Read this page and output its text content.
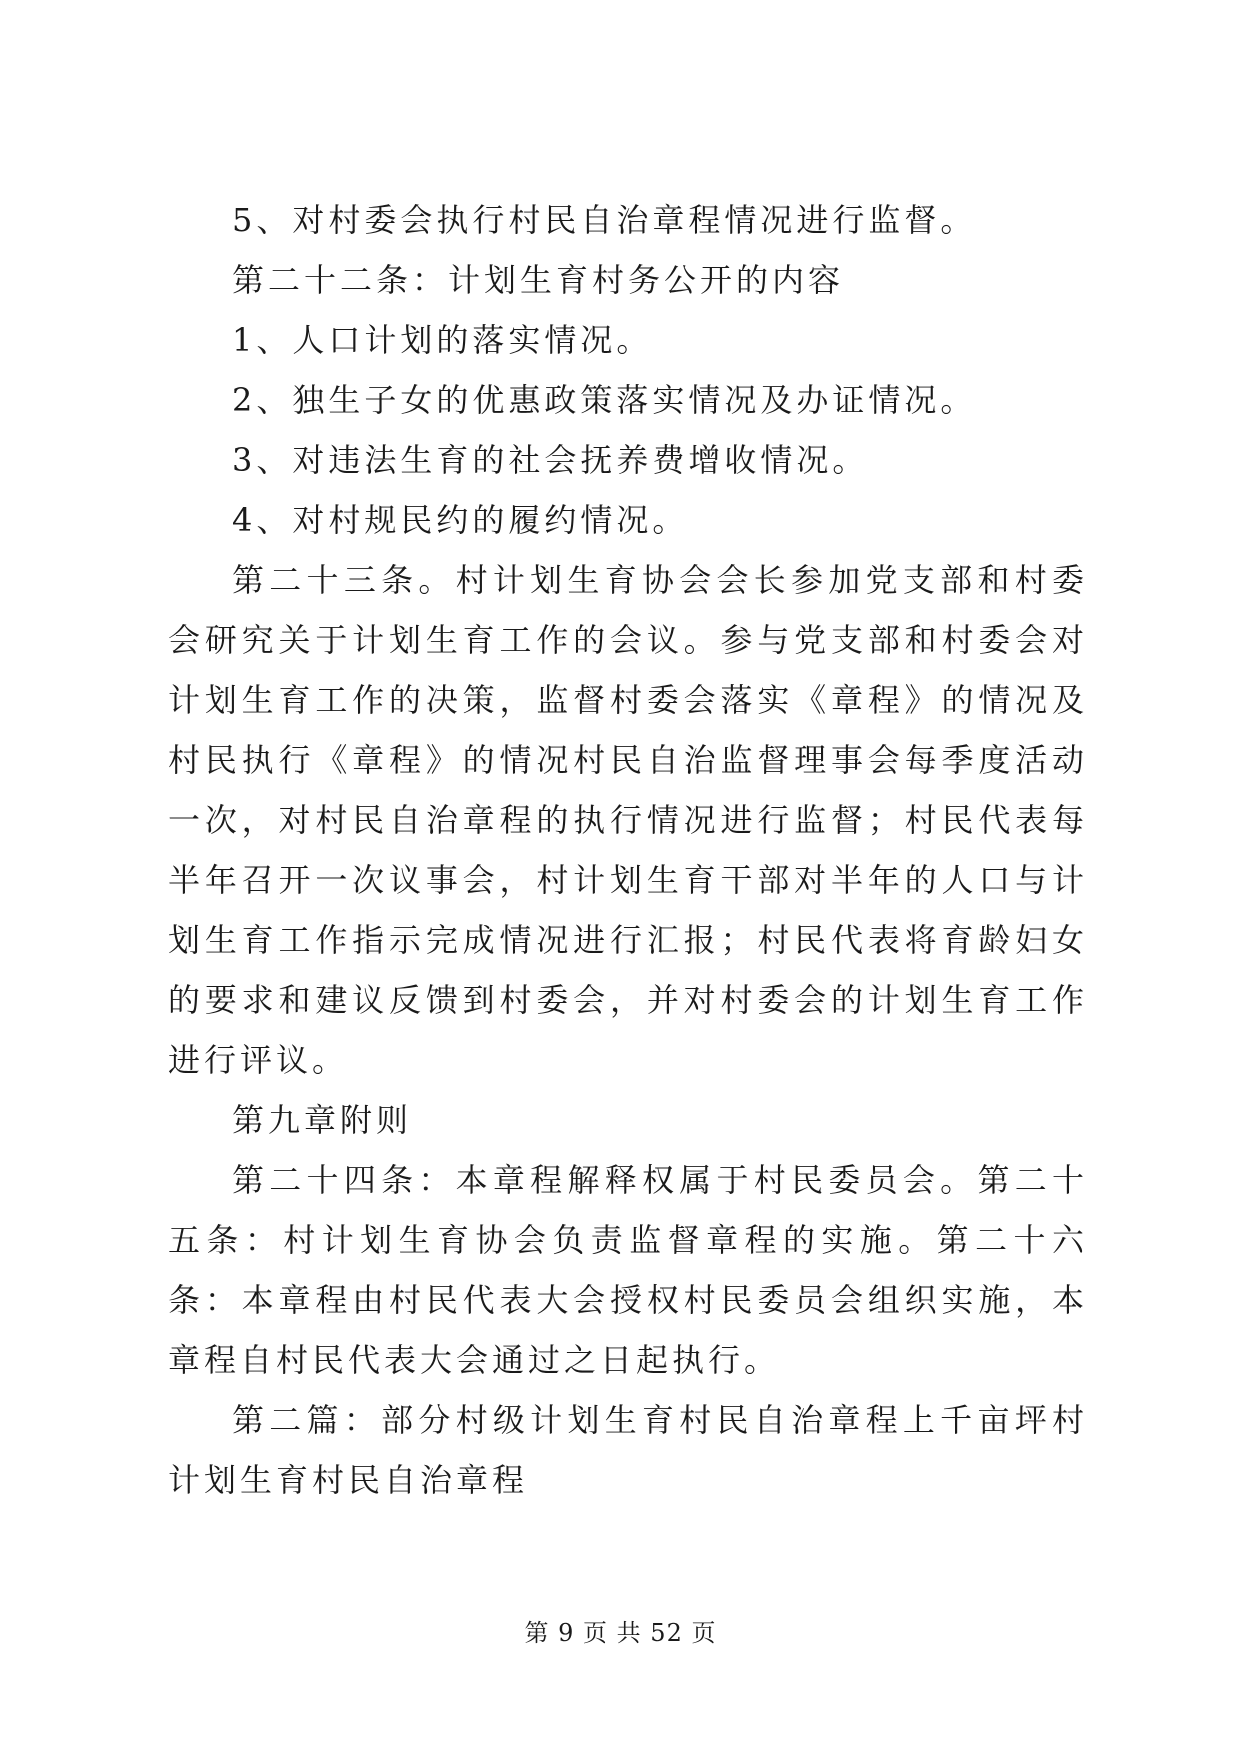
5、对村委会执行村民自治章程情况进行监督。

第二十二条：计划生育村务公开的内容

1、人口计划的落实情况。

2、独生子女的优惠政策落实情况及办证情况。

3、对违法生育的社会抚养费增收情况。

4、对村规民约的履约情况。

第二十三条。村计划生育协会会长参加党支部和村委会研究关于计划生育工作的会议。参与党支部和村委会对计划生育工作的决策，监督村委会落实《章程》的情况及村民执行《章程》的情况村民自治监督理事会每季度活动一次，对村民自治章程的执行情况进行监督；村民代表每半年召开一次议事会，村计划生育干部对半年的人口与计划生育工作指示完成情况进行汇报；村民代表将育龄妇女的要求和建议反馈到村委会，并对村委会的计划生育工作进行评议。

第九章附则

第二十四条：本章程解释权属于村民委员会。第二十五条：村计划生育协会负责监督章程的实施。第二十六条：本章程由村民代表大会授权村民委员会组织实施，本章程自村民代表大会通过之日起执行。

第二篇：部分村级计划生育村民自治章程上千亩坪村计划生育村民自治章程

第 9 页 共 52 页
